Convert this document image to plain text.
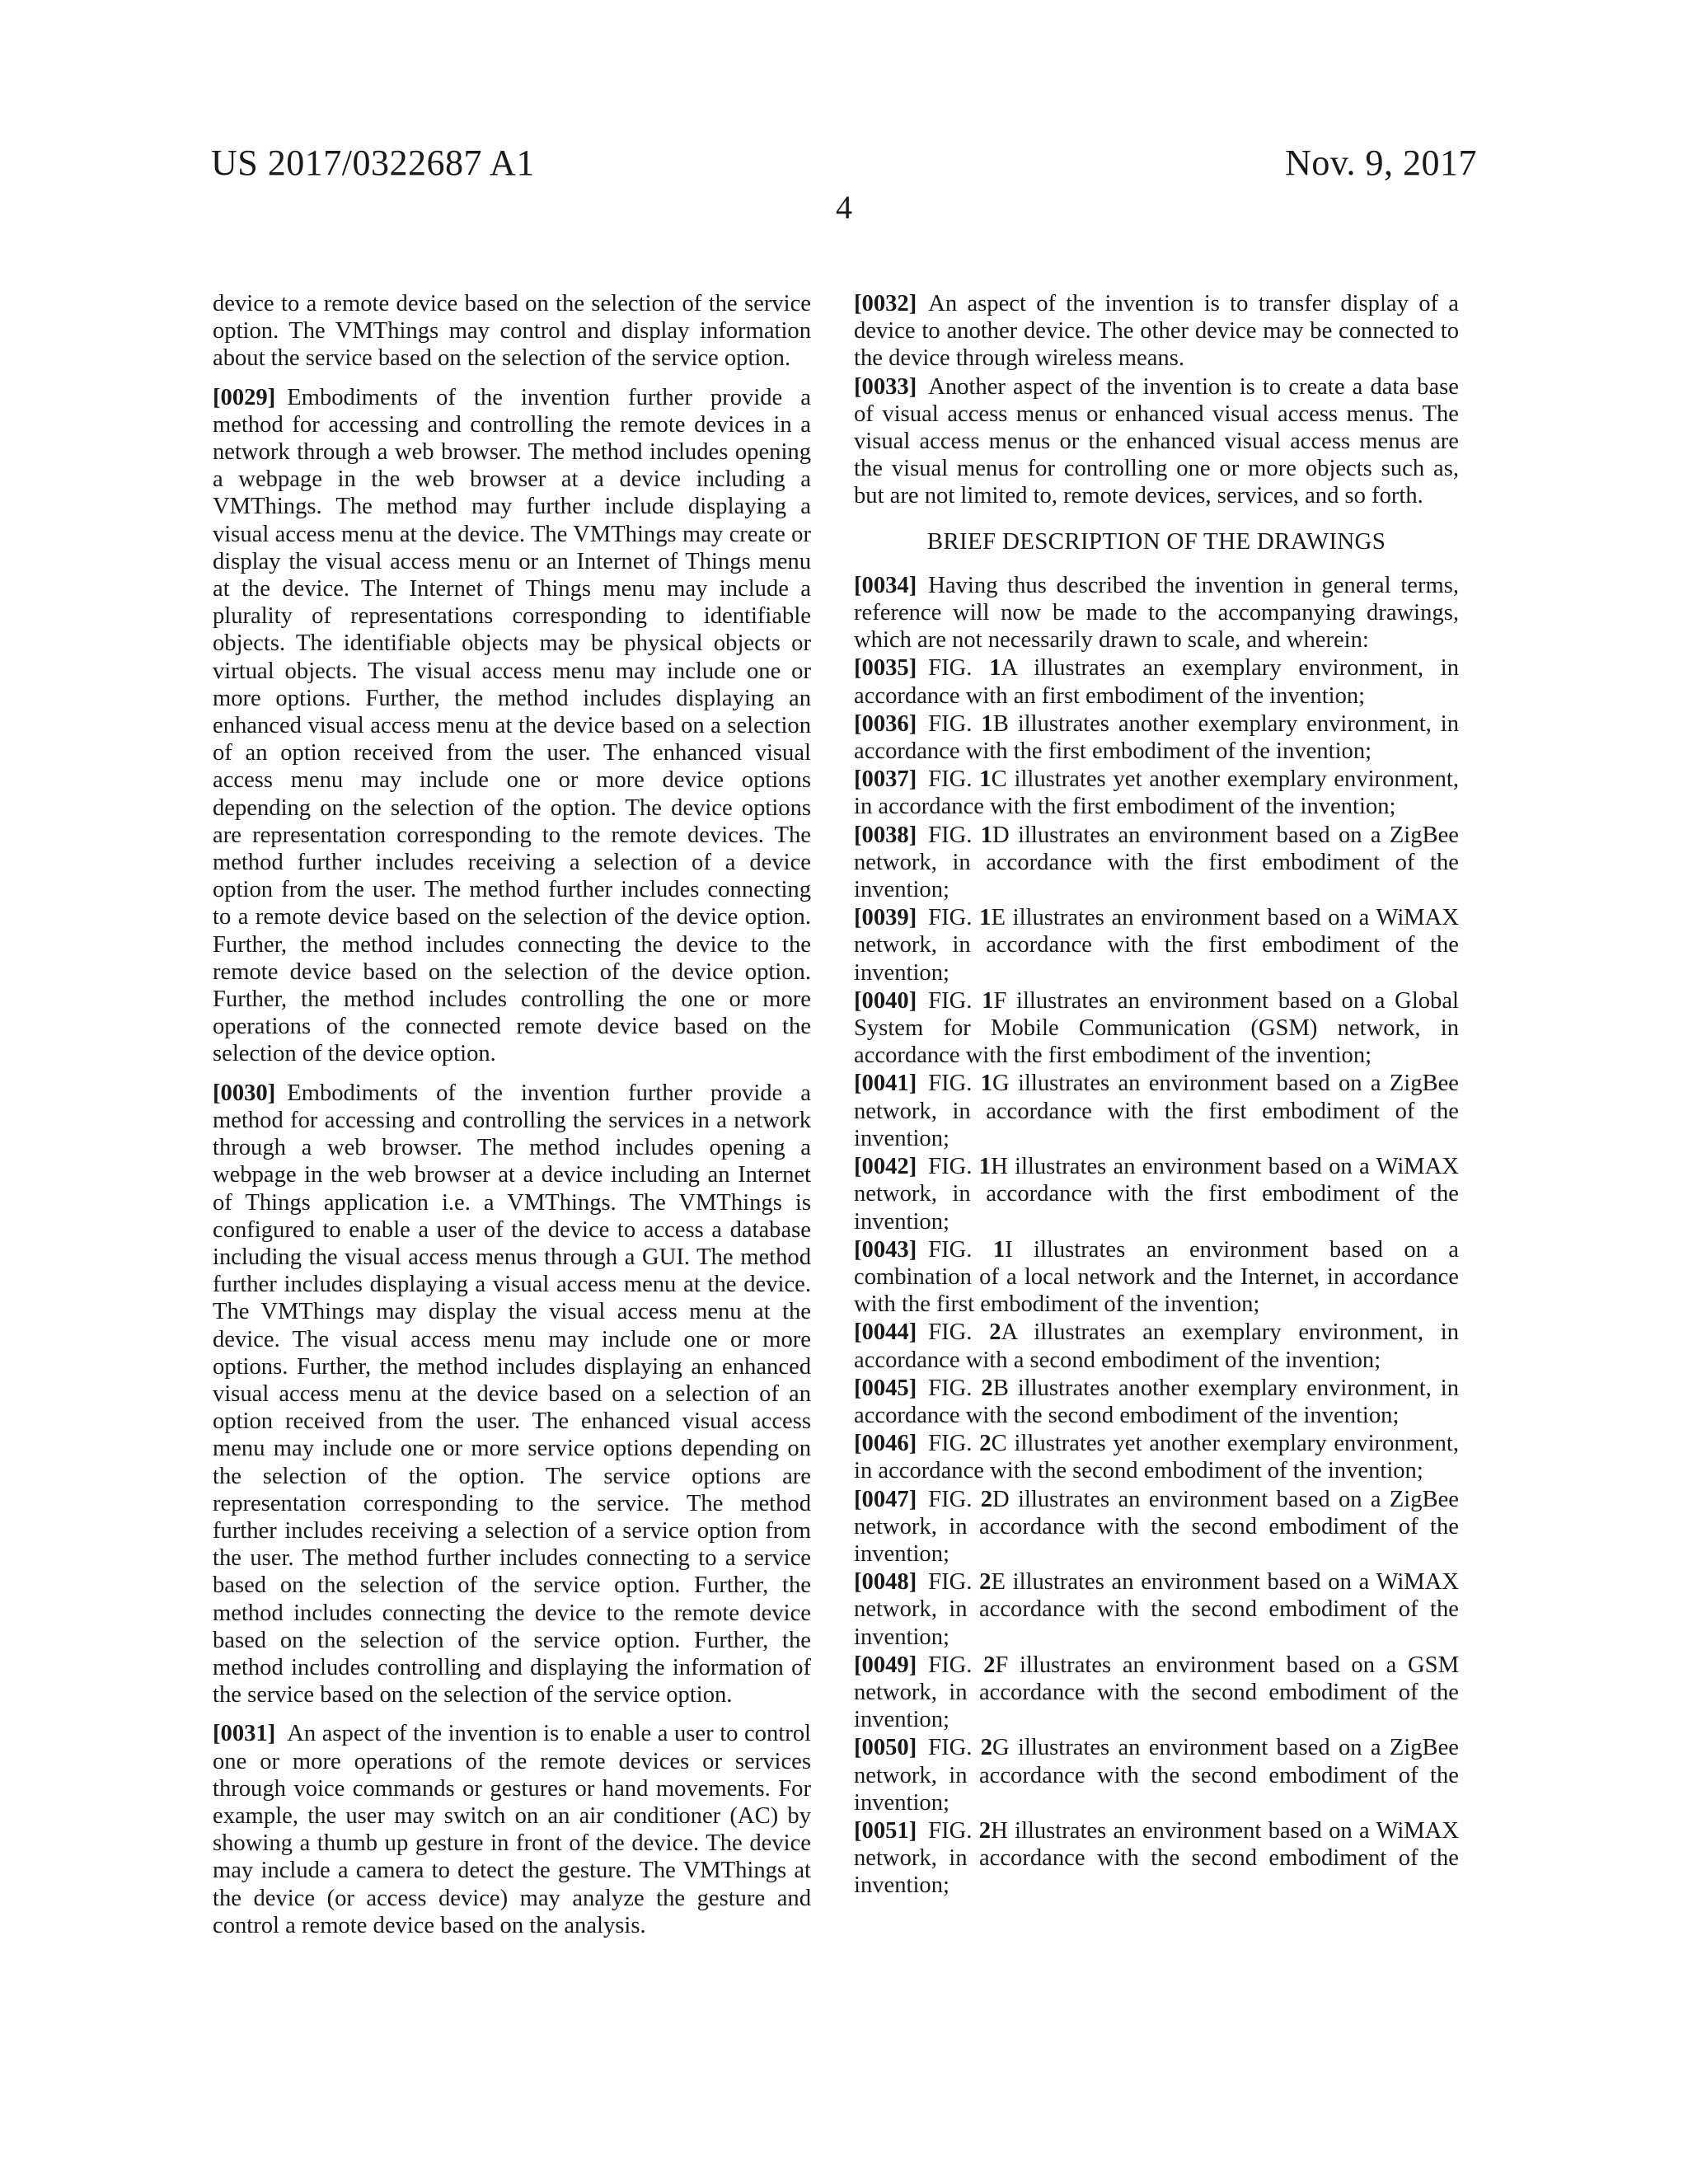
US 2017/0322687 A1
4
Nov. 9, 2017

device to a remote device based on the selection of the service option. The VMThings may control and display information about the service based on the selection of the service option.

[0029] Embodiments of the invention further provide a method for accessing and controlling the remote devices in a network through a web browser. The method includes opening a webpage in the web browser at a device including a VMThings. The method may further include displaying a visual access menu at the device. The VMThings may create or display the visual access menu or an Internet of Things menu at the device. The Internet of Things menu may include a plurality of representations corresponding to identifiable objects. The identifiable objects may be physical objects or virtual objects. The visual access menu may include one or more options. Further, the method includes displaying an enhanced visual access menu at the device based on a selection of an option received from the user. The enhanced visual access menu may include one or more device options depending on the selection of the option. The device options are representation corresponding to the remote devices. The method further includes receiving a selection of a device option from the user. The method further includes connecting to a remote device based on the selection of the device option. Further, the method includes connecting the device to the remote device based on the selection of the device option. Further, the method includes controlling the one or more operations of the connected remote device based on the selection of the device option.

[0030] Embodiments of the invention further provide a method for accessing and controlling the services in a network through a web browser. The method includes opening a webpage in the web browser at a device including an Internet of Things application i.e. a VMThings. The VMThings is configured to enable a user of the device to access a database including the visual access menus through a GUI. The method further includes displaying a visual access menu at the device. The VMThings may display the visual access menu at the device. The visual access menu may include one or more options. Further, the method includes displaying an enhanced visual access menu at the device based on a selection of an option received from the user. The enhanced visual access menu may include one or more service options depending on the selection of the option. The service options are representation corresponding to the service. The method further includes receiving a selection of a service option from the user. The method further includes connecting to a service based on the selection of the service option. Further, the method includes connecting the device to the remote device based on the selection of the service option. Further, the method includes controlling and displaying the information of the service based on the selection of the service option.

[0031] An aspect of the invention is to enable a user to control one or more operations of the remote devices or services through voice commands or gestures or hand movements. For example, the user may switch on an air conditioner (AC) by showing a thumb up gesture in front of the device. The device may include a camera to detect the gesture. The VMThings at the device (or access device) may analyze the gesture and control a remote device based on the analysis.

[0032] An aspect of the invention is to transfer display of a device to another device. The other device may be connected to the device through wireless means.

[0033] Another aspect of the invention is to create a data base of visual access menus or enhanced visual access menus. The visual access menus or the enhanced visual access menus are the visual menus for controlling one or more objects such as, but are not limited to, remote devices, services, and so forth.

BRIEF DESCRIPTION OF THE DRAWINGS

[0034] Having thus described the invention in general terms, reference will now be made to the accompanying drawings, which are not necessarily drawn to scale, and wherein:

[0035] FIG. 1A illustrates an exemplary environment, in accordance with an first embodiment of the invention;

[0036] FIG. 1B illustrates another exemplary environment, in accordance with the first embodiment of the invention;

[0037] FIG. 1C illustrates yet another exemplary environment, in accordance with the first embodiment of the invention;

[0038] FIG. 1D illustrates an environment based on a ZigBee network, in accordance with the first embodiment of the invention;

[0039] FIG. 1E illustrates an environment based on a WiMAX network, in accordance with the first embodiment of the invention;

[0040] FIG. 1F illustrates an environment based on a Global System for Mobile Communication (GSM) network, in accordance with the first embodiment of the invention;

[0041] FIG. 1G illustrates an environment based on a ZigBee network, in accordance with the first embodiment of the invention;

[0042] FIG. 1H illustrates an environment based on a WiMAX network, in accordance with the first embodiment of the invention;

[0043] FIG. 1I illustrates an environment based on a combination of a local network and the Internet, in accordance with the first embodiment of the invention;

[0044] FIG. 2A illustrates an exemplary environment, in accordance with a second embodiment of the invention;

[0045] FIG. 2B illustrates another exemplary environment, in accordance with the second embodiment of the invention;

[0046] FIG. 2C illustrates yet another exemplary environment, in accordance with the second embodiment of the invention;

[0047] FIG. 2D illustrates an environment based on a ZigBee network, in accordance with the second embodiment of the invention;

[0048] FIG. 2E illustrates an environment based on a WiMAX network, in accordance with the second embodiment of the invention;

[0049] FIG. 2F illustrates an environment based on a GSM network, in accordance with the second embodiment of the invention;

[0050] FIG. 2G illustrates an environment based on a ZigBee network, in accordance with the second embodiment of the invention;

[0051] FIG. 2H illustrates an environment based on a WiMAX network, in accordance with the second embodiment of the invention;
